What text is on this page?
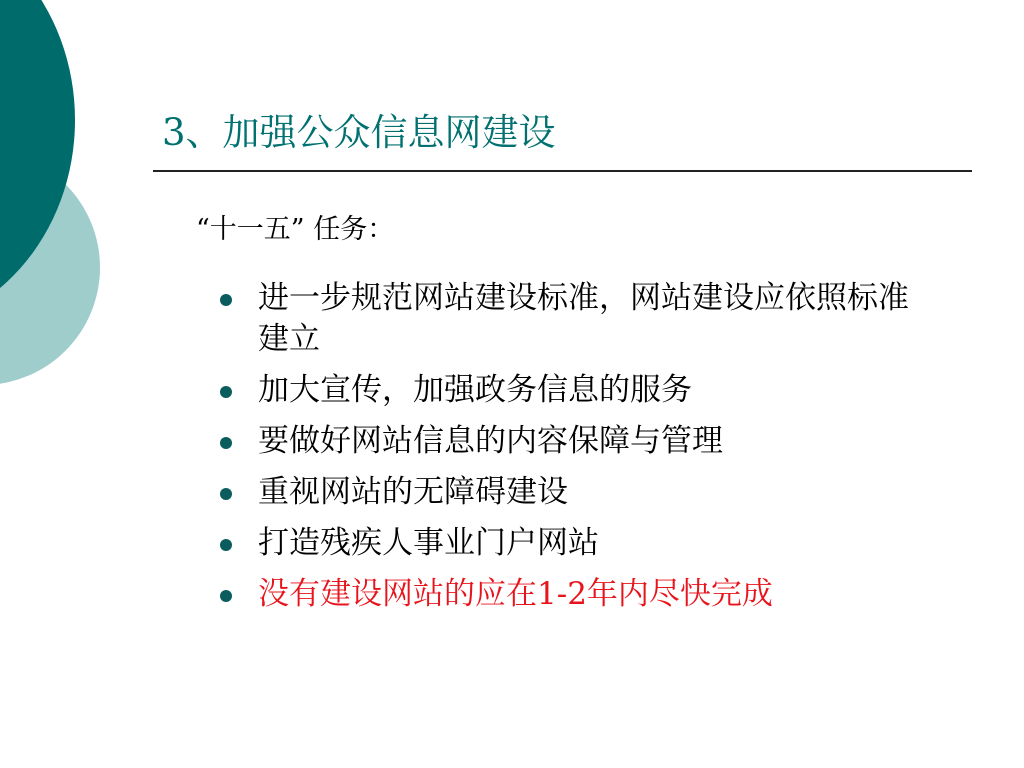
3、加强公众信息网建设
“十一五” 任务：
进一步规范网站建设标准，网站建设应依照标准建立
加大宣传，加强政务信息的服务
要做好网站信息的内容保障与管理
重视网站的无障碍建设
打造残疾人事业门户网站
没有建设网站的应在1-2年内尽快完成
